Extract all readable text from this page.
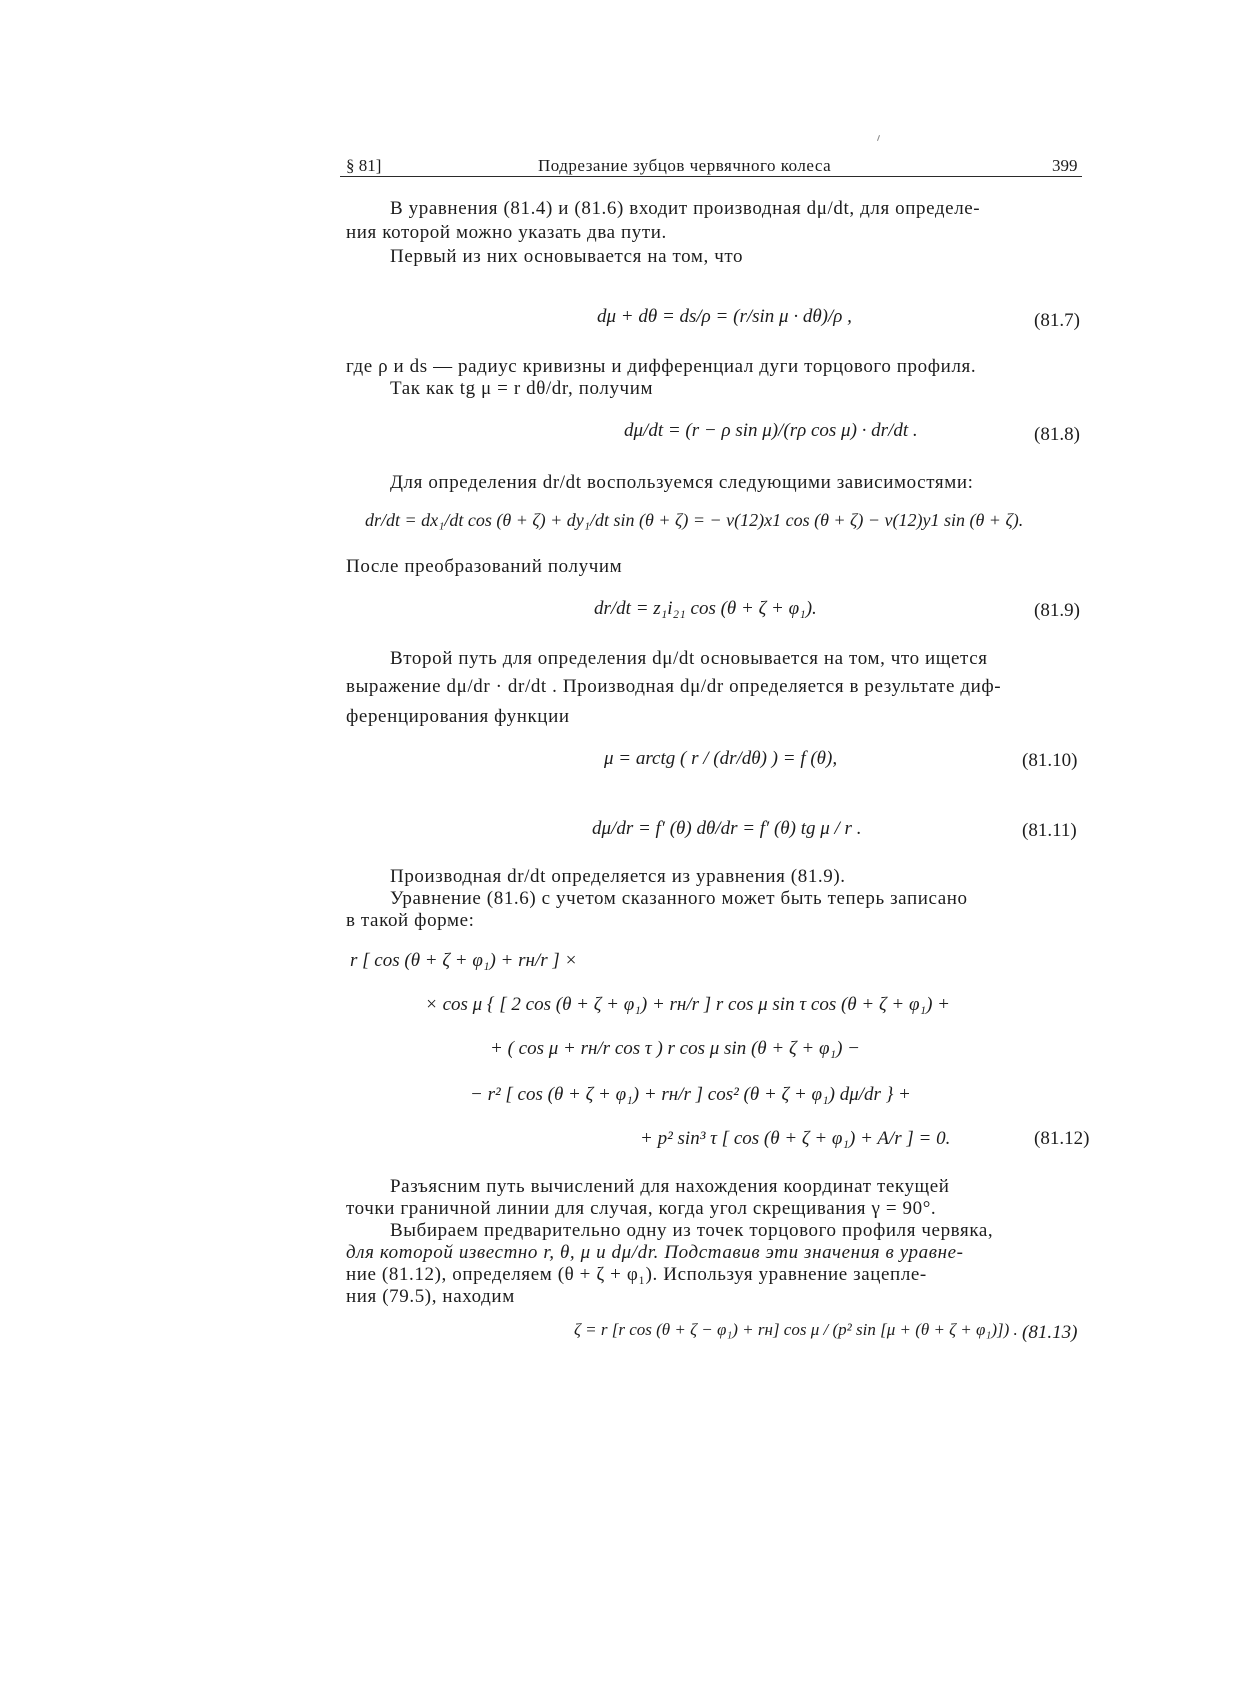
§ 81]	Подрезание зубцов червячного колеса	399
В уравнения (81.4) и (81.6) входит производная dμ/dt, для определе-
ния которой можно указать два пути.
Первый из них основывается на том, что
dμ + dθ = ds/ρ = (r/sin μ · dθ)/ρ ,	(81.7)
где ρ и ds — радиус кривизны и дифференциал дуги торцового профиля.
Так как tg μ = r dθ/dr, получим
dμ/dt = (r − ρ sin μ)/(rρ cos μ) · dr/dt .	(81.8)
Для определения dr/dt воспользуемся следующими зависимостями:
dr/dt = dx₁/dt cos (θ + ζ) + dy₁/dt sin (θ + ζ) = − v(12)x1 cos (θ + ζ) − v(12)y1 sin (θ + ζ).
После преобразований получим
dr/dt = z₁i₂₁ cos (θ + ζ + φ₁).	(81.9)
Второй путь для определения dμ/dt основывается на том, что ищется
выражение dμ/dr · dr/dt . Производная dμ/dr определяется в результате диф-
ференцирования функции
μ = arctg ( r / (dr/dθ) ) = f (θ),	(81.10)
dμ/dr = f′ (θ) dθ/dr = f′ (θ) tg μ / r .	(81.11)
Производная dr/dt определяется из уравнения (81.9).
Уравнение (81.6) с учетом сказанного может быть теперь записано
в такой форме:
r [ cos (θ + ζ + φ₁) + rн/r ] ×
× cos μ { [ 2 cos (θ + ζ + φ₁) + rн/r ] r cos μ sin τ cos (θ + ζ + φ₁) +
+ ( cos μ + rн/r cos τ ) r cos μ sin (θ + ζ + φ₁) −
− r² [ cos (θ + ζ + φ₁) + rн/r ] cos² (θ + ζ + φ₁) dμ/dr } +
+ p² sin³ τ [ cos (θ + ζ + φ₁) + A/r ] = 0.	(81.12)
Разъясним путь вычислений для нахождения координат текущей
точки граничной линии для случая, когда угол скрещивания γ = 90°.
Выбираем предварительно одну из точек торцового профиля червяка,
для которой известно r, θ, μ и dμ/dr. Подставив эти значения в уравне-
ние (81.12), определяем (θ + ζ + φ₁). Используя уравнение зацепле-
ния (79.5), находим
ζ = r [r cos (θ + ζ − φ₁) + rн] cos μ / (p² sin [μ + (θ + ζ + φ₁)]) . (81.13)
